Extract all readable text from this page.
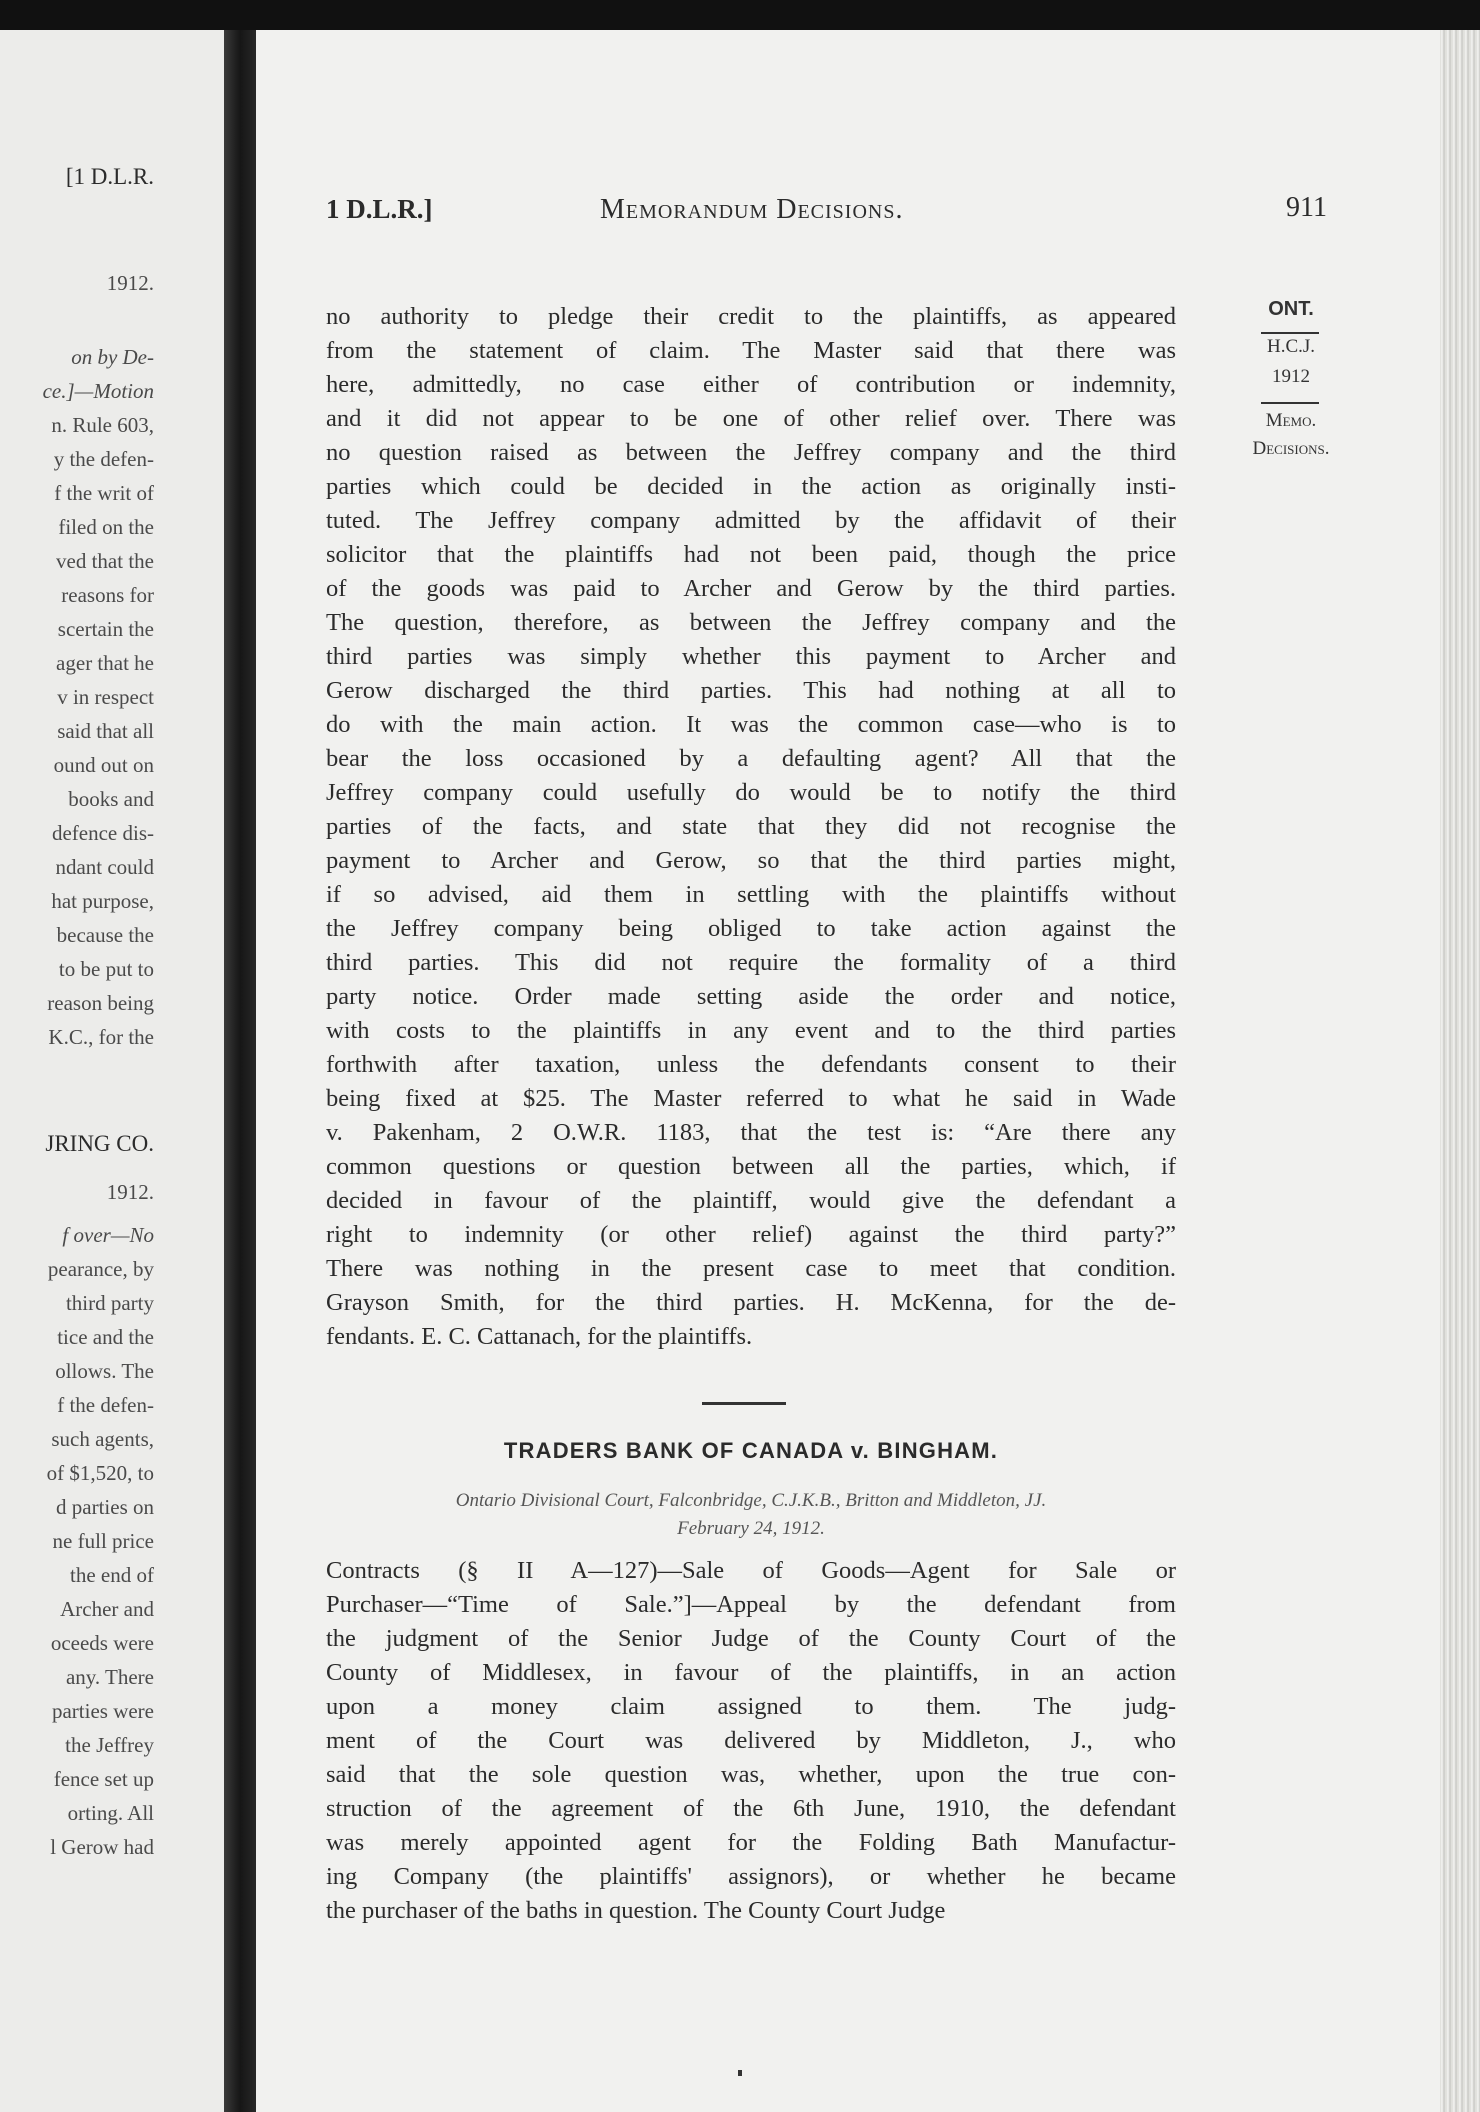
[1 D.L.R.
1912.
on by De-
ce.]—Motion
n. Rule 603,
y the defen-
f the writ of
filed on the
ved that the
reasons for
scertain the
ager that he
v in respect
said that all
ound out on
books and
defence dis-
ndant could
hat purpose,
because the
to be put to
reason being
K.C., for the
JRING CO.
1912.
f over—No
pearance, by
third party
tice and the
ollows. The
f the defen-
such agents,
of $1,520, to
d parties on
ne full price
the end of
Archer and
oceeds were
any. There
parties were
the Jeffrey
fence set up
orting. All
l Gerow had
1 D.L.R.]	Memorandum Decisions.	911
ONT.
H.C.J.
1912
Memo.
Decisions.
no authority to pledge their credit to the plaintiffs, as appeared
from the statement of claim. The Master said that there was
here, admittedly, no case either of contribution or indemnity,
and it did not appear to be one of other relief over. There was
no question raised as between the Jeffrey company and the third
parties which could be decided in the action as originally insti-
tuted. The Jeffrey company admitted by the affidavit of their
solicitor that the plaintiffs had not been paid, though the price
of the goods was paid to Archer and Gerow by the third parties.
The question, therefore, as between the Jeffrey company and the
third parties was simply whether this payment to Archer and
Gerow discharged the third parties. This had nothing at all to
do with the main action. It was the common case—who is to
bear the loss occasioned by a defaulting agent? All that the
Jeffrey company could usefully do would be to notify the third
parties of the facts, and state that they did not recognise the
payment to Archer and Gerow, so that the third parties might,
if so advised, aid them in settling with the plaintiffs without
the Jeffrey company being obliged to take action against the
third parties. This did not require the formality of a third
party notice. Order made setting aside the order and notice,
with costs to the plaintiffs in any event and to the third parties
forthwith after taxation, unless the defendants consent to their
being fixed at $25. The Master referred to what he said in Wade
v. Pakenham, 2 O.W.R. 1183, that the test is: “Are there any
common questions or question between all the parties, which, if
decided in favour of the plaintiff, would give the defendant a
right to indemnity (or other relief) against the third party?”
There was nothing in the present case to meet that condition.
Grayson Smith, for the third parties. H. McKenna, for the de-
fendants. E. C. Cattanach, for the plaintiffs.
TRADERS BANK OF CANADA v. BINGHAM.
Ontario Divisional Court, Falconbridge, C.J.K.B., Britton and Middleton, JJ.
February 24, 1912.
Contracts (§ II A—127)—Sale of Goods—Agent for Sale or
Purchaser—“Time of Sale.”]—Appeal by the defendant from
the judgment of the Senior Judge of the County Court of the
County of Middlesex, in favour of the plaintiffs, in an action
upon a money claim assigned to them. The judg-
ment of the Court was delivered by Middleton, J., who
said that the sole question was, whether, upon the true con-
struction of the agreement of the 6th June, 1910, the defendant
was merely appointed agent for the Folding Bath Manufactur-
ing Company (the plaintiffs' assignors), or whether he became
the purchaser of the baths in question. The County Court Judge
